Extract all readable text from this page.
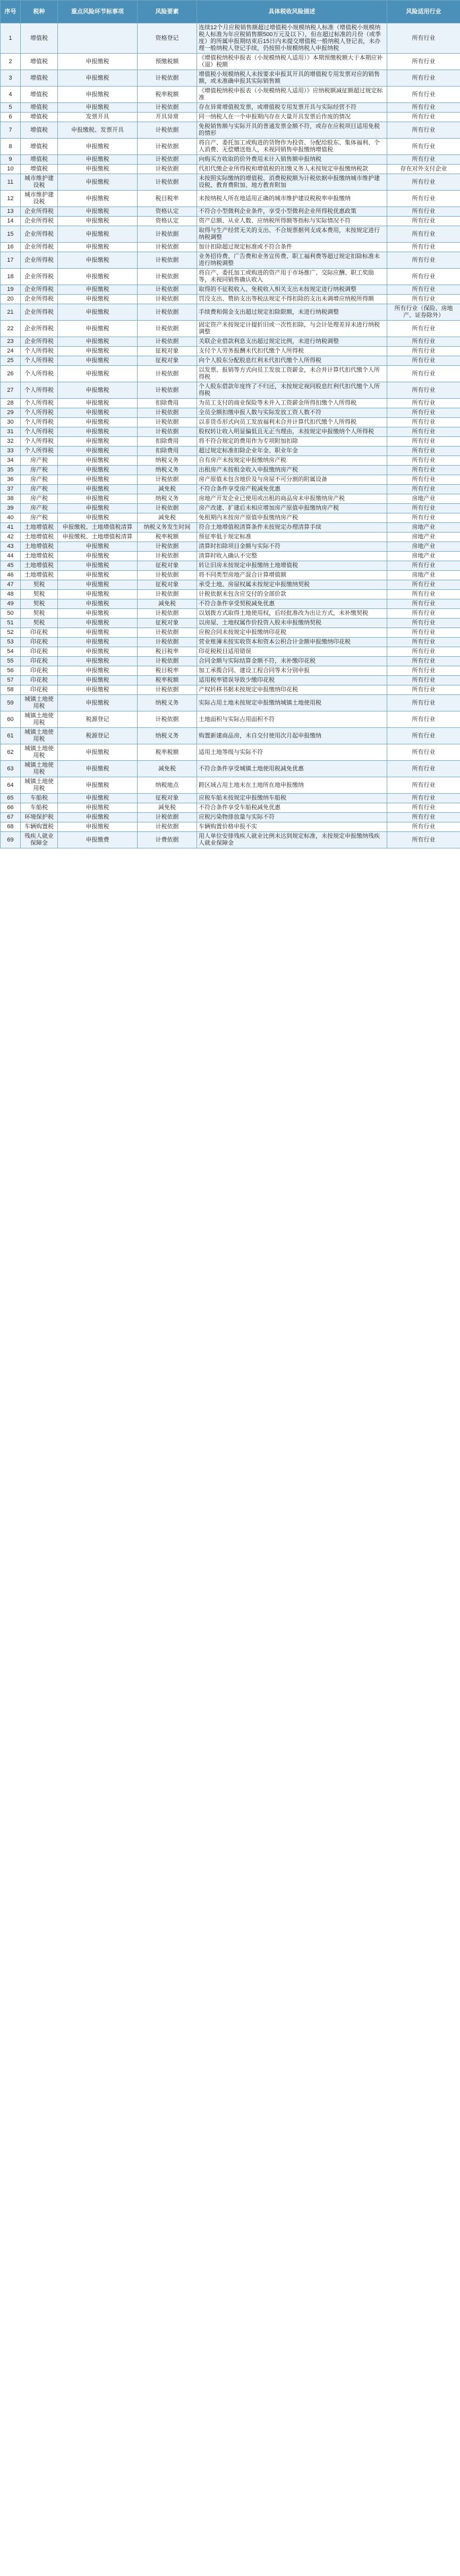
序号	税种	重点风险环节标事项	风险要素	具体税收风险描述	风险适用行业
1	增值税		资格登记	连续12个月应税销售额超过增值税小规模纳税人标准（增值税小规模纳税人标准为年应税销售额500万元及以下），但在超过标准的月份（或季度）的所属申报期结束后15日内未提交增值税一般纳税人登记表，未办理一般纳税人登记手续，仍按照小规模纳税人申报纳税	所有行业
2	增值税	申报缴税	预缴税额	《增值税纳税申报表（小规模纳税人适用）》本期预缴税额大于本期应补（退）税额	所有行业
3	增值税	申报缴税	计税依据	增值税小规模纳税人未按要求申报其开具的增值税专用发票对应的销售额，或未准确申报其实际销售额	所有行业
4	增值税	申报缴税	税率税额	《增值税纳税申报表（小规模纳税人适用）》应纳税额减征额超过规定标准	所有行业
5	增值税	申报缴税	计税依据	存在异常增值税发票，或增值税专用发票开具与实际经营不符	所有行业
6	增值税	发票开具	开具异常	同一纳税人在一个申报期内存在大量开具发票后作废的情况	所有行业
7	增值税	申报缴税、发票开具	计税依据	免税销售额与实际开具的普通发票金额不符，或存在应税项目适用免税的情形	所有行业
8	增值税	申报缴税	计税依据	将自产、委托加工或购进的货物作为投资、分配给股东、集体福利、个人消费、无偿赠送他人，未视同销售申报缴纳增值税	所有行业
9	增值税	申报缴税	计税依据	向购买方收取的价外费用未计入销售额申报纳税	所有行业
10	增值税	申报缴税	计税依据	代扣代缴企业所得税和增值税的扣缴义务人未按规定申报缴纳税款	存在对外支付企业
11	城市维护建设税	申报缴税	计税依据	未按照实际缴纳的增值税、消费税税额为计税依据申报缴纳城市维护建设税、教育费附加、地方教育附加	所有行业
12	城市维护建设税	申报缴税	税目税率	未按纳税人所在地适用正确的城市维护建设税税率申报缴纳	所有行业
13	企业所得税	申报缴税	资格认定	不符合小型微利企业条件，享受小型微利企业所得税优惠政策	所有行业
14	企业所得税	申报缴税	资格认定	资产总额、从业人数、应纳税所得额等指标与实际情况不符	所有行业
15	企业所得税	申报缴税	计税依据	取得与生产经营无关的支出、不合规票据列支成本费用，未按规定进行纳税调整	所有行业
16	企业所得税	申报缴税	计税依据	加计扣除超过规定标准或不符合条件	所有行业
17	企业所得税	申报缴税	计税依据	业务招待费、广告费和业务宣传费、职工福利费等超过规定扣除标准未进行纳税调整	所有行业
18	企业所得税	申报缴税	计税依据	将自产、委托加工或购进的资产用于市场推广、交际应酬、职工奖励等，未视同销售确认收入	所有行业
19	企业所得税	申报缴税	计税依据	取得的不征税收入、免税收入相关支出未按规定进行纳税调整	所有行业
20	企业所得税	申报缴税	计税依据	罚没支出、赞助支出等税法规定不得扣除的支出未调增应纳税所得额	所有行业
21	企业所得税	申报缴税	计税依据	手续费和佣金支出超过规定扣除限额，未进行纳税调整	所有行业（保险、房地产、证券除外）
22	企业所得税	申报缴税	计税依据	固定资产未按规定计提折旧或一次性扣除，与会计处理差异未进行纳税调整	所有行业
23	企业所得税	申报缴税	计税依据	关联企业借款利息支出超过规定比例，未进行纳税调整	所有行业
24	个人所得税	申报缴税	征税对象	支付个人劳务报酬未代扣代缴个人所得税	所有行业
25	个人所得税	申报缴税	征税对象	向个人股东分配股息红利未代扣代缴个人所得税	所有行业
26	个人所得税	申报缴税	计税依据	以发票、报销等方式向员工发放工资薪金，未合并计算代扣代缴个人所得税	所有行业
27	个人所得税	申报缴税	计税依据	个人股东借款年度终了不归还，未按规定视同股息红利代扣代缴个人所得税	所有行业
28	个人所得税	申报缴税	扣除费用	为员工支付的商业保险等未并入工资薪金所得扣缴个人所得税	所有行业
29	个人所得税	申报缴税	计税依据	全员全额扣缴申报人数与实际发放工资人数不符	所有行业
30	个人所得税	申报缴税	计税依据	以非货币形式向员工发放福利未合并计算代扣代缴个人所得税	所有行业
31	个人所得税	申报缴税	计税依据	股权转让收入明显偏低且无正当理由，未按规定申报缴纳个人所得税	所有行业
32	个人所得税	申报缴税	扣除费用	将不符合规定的费用作为专项附加扣除	所有行业
33	个人所得税	申报缴税	扣除费用	超过规定标准扣除企业年金、职业年金	所有行业
34	房产税	申报缴税	纳税义务	自有房产未按规定申报缴纳房产税	所有行业
35	房产税	申报缴税	纳税义务	出租房产未按租金收入申报缴纳房产税	所有行业
36	房产税	申报缴税	计税依据	房产原值未包含地价及与房屋不可分割的附属设备	所有行业
37	房产税	申报缴税	减免税	不符合条件享受房产税减免优惠	所有行业
38	房产税	申报缴税	纳税义务	房地产开发企业已使用或出租的商品房未申报缴纳房产税	房地产业
39	房产税	申报缴税	计税依据	房产改建、扩建后未相应增加房产原值申报缴纳房产税	所有行业
40	房产税	申报缴税	减免税	免租期内未按房产原值申报缴纳房产税	所有行业
41	土地增值税	申报缴税、土地增值税清算	纳税义务发生时间	符合土地增值税清算条件未按规定办理清算手续	房地产业
42	土地增值税	申报缴税、土地增值税清算	税率税额	预征率低于规定标准	房地产业
43	土地增值税	申报缴税	计税依据	清算时扣除项目金额与实际不符	房地产业
44	土地增值税	申报缴税	计税依据	清算时收入确认不完整	房地产业
45	土地增值税	申报缴税	征税对象	转让旧房未按规定申报缴纳土地增值税	所有行业
46	土地增值税	申报缴税	计税依据	将不同类型房地产混合计算增值额	房地产业
47	契税	申报缴税	征税对象	承受土地、房屋权属未按规定申报缴纳契税	所有行业
48	契税	申报缴税	计税依据	计税依据未包含应交付的全部价款	所有行业
49	契税	申报缴税	减免税	不符合条件享受契税减免优惠	所有行业
50	契税	申报缴税	计税依据	以划拨方式取得土地使用权，后经批准改为出让方式，未补缴契税	所有行业
51	契税	申报缴税	征税对象	以房屋、土地权属作价投资入股未申报缴纳契税	所有行业
52	印花税	申报缴税	计税依据	应税合同未按规定申报缴纳印花税	所有行业
53	印花税	申报缴税	计税依据	营业账簿未按实收资本和资本公积合计金额申报缴纳印花税	所有行业
54	印花税	申报缴税	税目税率	印花税税目适用错误	所有行业
55	印花税	申报缴税	计税依据	合同金额与实际结算金额不符，未补缴印花税	所有行业
56	印花税	申报缴税	税目税率	加工承揽合同、建设工程合同等未分别申报	所有行业
57	印花税	申报缴税	税率税额	适用税率错误导致少缴印花税	所有行业
58	印花税	申报缴税	计税依据	产权转移书据未按规定申报缴纳印花税	所有行业
59	城镇土地使用税	申报缴税	纳税义务	实际占用土地未按规定申报缴纳城镇土地使用税	所有行业
60	城镇土地使用税	税源登记	计税依据	土地面积与实际占用面积不符	所有行业
61	城镇土地使用税	税源登记	纳税义务	购置新建商品房，未自交付使用次月起申报缴纳	所有行业
62	城镇土地使用税	申报缴税	税率税额	适用土地等级与实际不符	所有行业
63	城镇土地使用税	申报缴税	减免税	不符合条件享受城镇土地使用税减免优惠	所有行业
64	城镇土地使用税	申报缴税	纳税地点	跨区域占用土地未在土地所在地申报缴纳	所有行业
65	车船税	申报缴税	征税对象	应税车船未按规定申报缴纳车船税	所有行业
66	车船税	申报缴税	减免税	不符合条件享受车船税减免优惠	所有行业
67	环境保护税	申报缴税	计税依据	应税污染物排放量与实际不符	所有行业
68	车辆购置税	申报缴税	计税依据	车辆购置价格申报不实	所有行业
69	残疾人就业保障金	申报缴费	计费依据	用人单位安排残疾人就业比例未达到规定标准，未按规定申报缴纳残疾人就业保障金	所有行业
